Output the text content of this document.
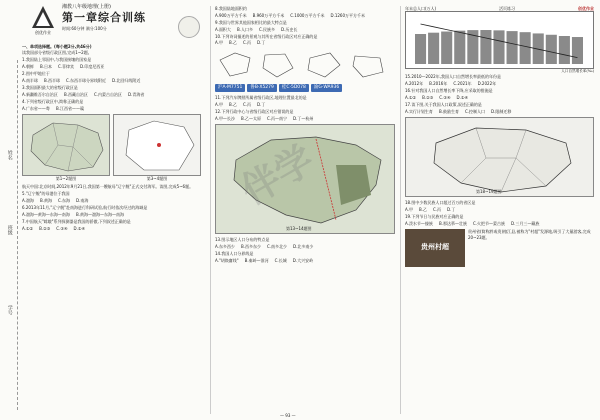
姓名
班级
学号
创优作业
湘教八年级地理(上册)
第一章综合训练
时间:60分钟 满分:100分
一、单项选择题。(每小题2分,共46分)
读我国部分省级行政区图,完成1~2题。
1.我国陆上邻国中,与我国接壤的国家是
A.朝鲜 B.日本 C.菲律宾 D.印度尼西亚
2.图中甲地位于
A.南半球 B.西半球 C.东西半球分界线附近 D.北回归线附近
3.我国面积最大的省级行政区是
A.新疆维吾尔自治区 B.西藏自治区 C.内蒙古自治区 D.青海省
4.下列省级行政区中,简称正确的是
A.广东省——粤 B.江西省——赣
第1~2题图	第3~4题图
航天中国:北京时间,2012年9月21日,我国第一艘航母"辽宁舰"正式交付海军。读图,完成5~6题。
5."辽宁舰"的母港位于我国
A.渤海 B.黄海 C.东海 D.南海
6.2013年11月,"辽宁舰"赴南海进行科研试验,航行时依次经过的海域是
A.渤海—黄海—东海—南海 B.黄海—渤海—东海—南海
7.中国航天"嫦娥"系列探测器是我国的骄傲,下列叙述正确的是
A.①② B.②③ C.③④ D.①④
8.我国陆地面积约
A.900万平方千米 B.960万平方千米 C.1000万平方千米 D.1260万平方千米
9.我国与世界其他国家相比的最大特点是
A.面积大 B.人口多 C.民族多 D.历史长
10.下列诗词描述的景观与其所在省级行政区对应正确的是
A.甲 B.乙 C.丙 D.丁
沪A·M7751 鲁B·X5279 桂C·5D078 渝G·WA936
11.下列汽车牌照所属省级行政区,地理位置最北的是
A.甲 B.乙 C.丙 D.丁
12.下列行政中心与省级行政区对应错误的是
A.甲—长沙 B.乙—太原 C.丙—南宁 D.丁—杭州
第13~14题图
13.图示地区人口分布的特点是
A.东多西少 B.西多东少 C.南多北少 D.北多南少
14.我国人口分界线是
A."胡焕庸线" B.秦岭—淮河 C.长城 D.大兴安岭
年末总人口(万人)	活页练习	创优作业
人口自然增长率(‰)
15.2010—2022年,我国人口自然增长率最低的年份是
A.2012年 B.2016年 C.2021年 D.2022年
16.针对我国人口自然增长率下降,应采取的措施是
A.①② B.②③ C.③④ D.①④
17.读下图,关于我国人口政策,叙述正确的是
A.实行计划生育 B.鼓励生育 C.控制人口 D.限制迁移
第18~19题图
18.图中少数民族人口超过百万的省区是
A.甲 B.乙 C.丙 D.丁
19.下列节日与民族对应正确的是
A.泼水节—傣族 B.那达慕—壮族 C.火把节—蒙古族 D.三月三—藏族
贵州村超
贵州省(简称黔或贵)榕江县,被称为"村超"发源地,吸引了大量游客,完成20~23题。
伴学
— 93 —
